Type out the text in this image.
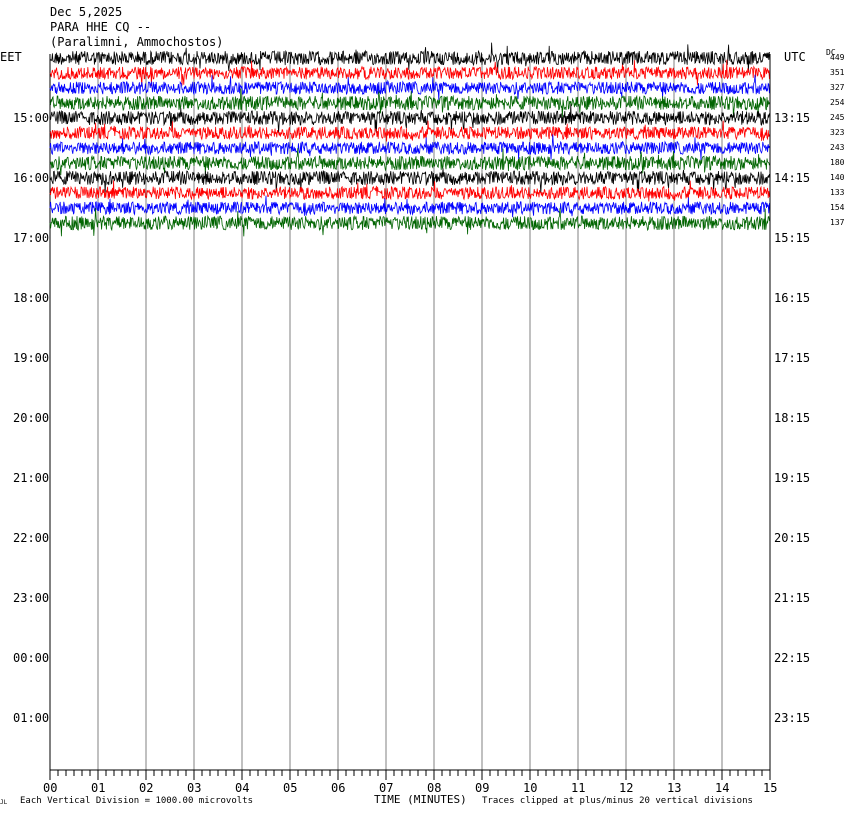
Dec 5,2025
PARA HHE CQ --
(Paralimni, Ammochostos)
EET	UTC	DC
15:00
16:00
17:00
18:00
19:00
20:00
21:00
22:00
23:00
00:00
01:00
13:15
14:15
15:15
16:15
17:15
18:15
19:15
20:15
21:15
22:15
23:15
449
351
327
254
245
323
243
180
140
133
154
137
00	01	02	03	04	05	06	07	08	09	10	11	12	13	14	15
JL Each Vertical Division = 1000.00 microvolts	TIME (MINUTES) Traces clipped at plus/minus 20 vertical divisions
